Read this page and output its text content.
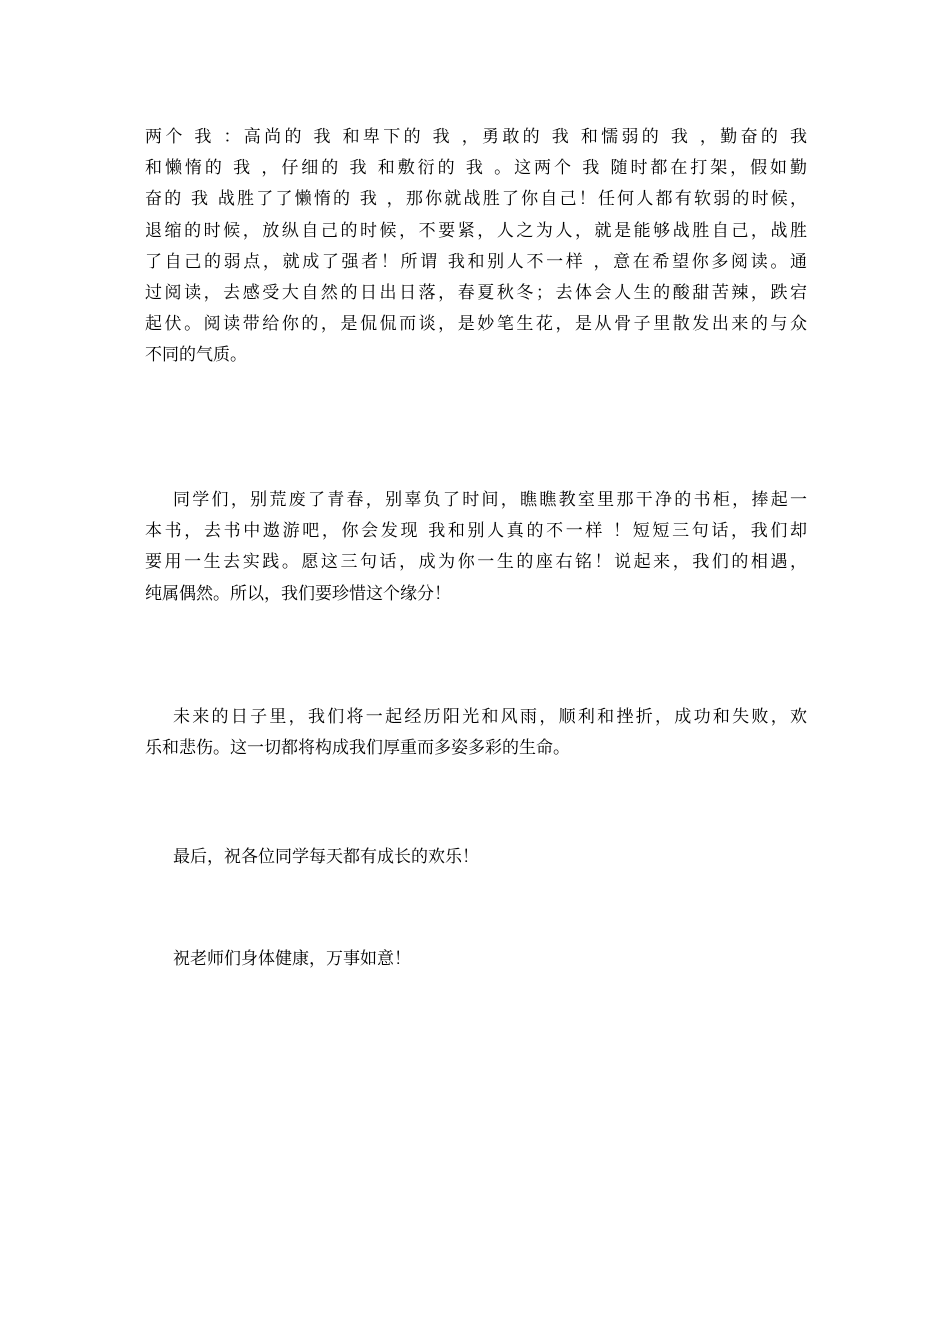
两个 我 ：高尚的 我 和卑下的 我 ，勇敢的 我 和懦弱的 我 ，勤奋的 我
和懒惰的 我 ，仔细的 我 和敷衍的 我 。这两个 我 随时都在打架，假如勤
奋的 我 战胜了了懒惰的 我 ，那你就战胜了你自己！任何人都有软弱的时候，
退缩的时候，放纵自己的时候，不要紧，人之为人，就是能够战胜自己，战胜
了自己的弱点，就成了强者！所谓 我和别人不一样 ，意在希望你多阅读。通
过阅读，去感受大自然的日出日落，春夏秋冬；去体会人生的酸甜苦辣，跌宕
起伏。阅读带给你的，是侃侃而谈，是妙笔生花，是从骨子里散发出来的与众
不同的气质。
同学们，别荒废了青春，别辜负了时间，瞧瞧教室里那干净的书柜，捧起一
本书，去书中遨游吧，你会发现 我和别人真的不一样 ！短短三句话，我们却
要用一生去实践。愿这三句话，成为你一生的座右铭！说起来，我们的相遇，
纯属偶然。所以，我们要珍惜这个缘分！
未来的日子里，我们将一起经历阳光和风雨，顺利和挫折，成功和失败，欢
乐和悲伤。这一切都将构成我们厚重而多姿多彩的生命。
最后，祝各位同学每天都有成长的欢乐！
祝老师们身体健康，万事如意！
